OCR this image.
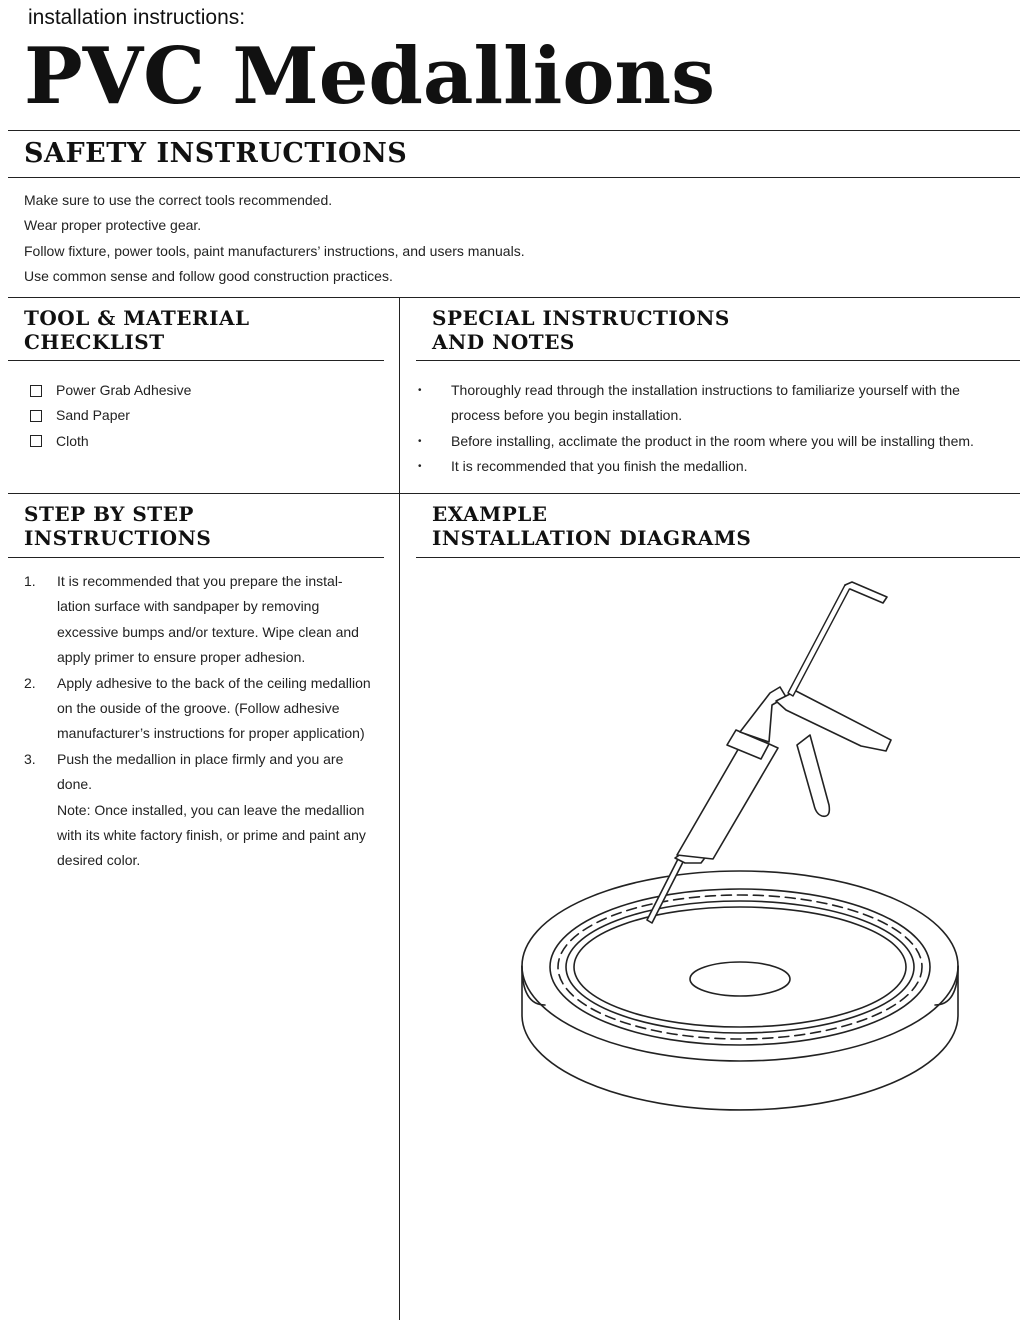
installation instructions:
PVC Medallions
SAFETY INSTRUCTIONS
Make sure to use the correct tools recommended.
Wear proper protective gear.
Follow fixture, power tools, paint manufacturers’ instructions, and users manuals.
Use common sense and follow good construction practices.
TOOL & MATERIAL
CHECKLIST
Power Grab Adhesive
Sand Paper
Cloth
SPECIAL INSTRUCTIONS
AND NOTES
•	Thoroughly read through the installation instructions to familiarize yourself with the process before you begin installation.
•	Before installing, acclimate the product in the room where you will be installing them.
•	It is recommended that you finish the medallion.
STEP BY STEP
INSTRUCTIONS
1.	It is recommended that you prepare the instal-lation surface with sandpaper by removing excessive bumps and/or texture. Wipe clean and apply primer to ensure proper adhesion.
2.	Apply adhesive to the back of the ceiling medallion on the ouside of the groove. (Follow adhesive manufacturer’s instructions for proper application)
3.	Push the medallion in place firmly and you are done.
Note: Once installed, you can leave the medallion with its white factory finish, or prime and paint any desired color.
EXAMPLE
INSTALLATION DIAGRAMS
